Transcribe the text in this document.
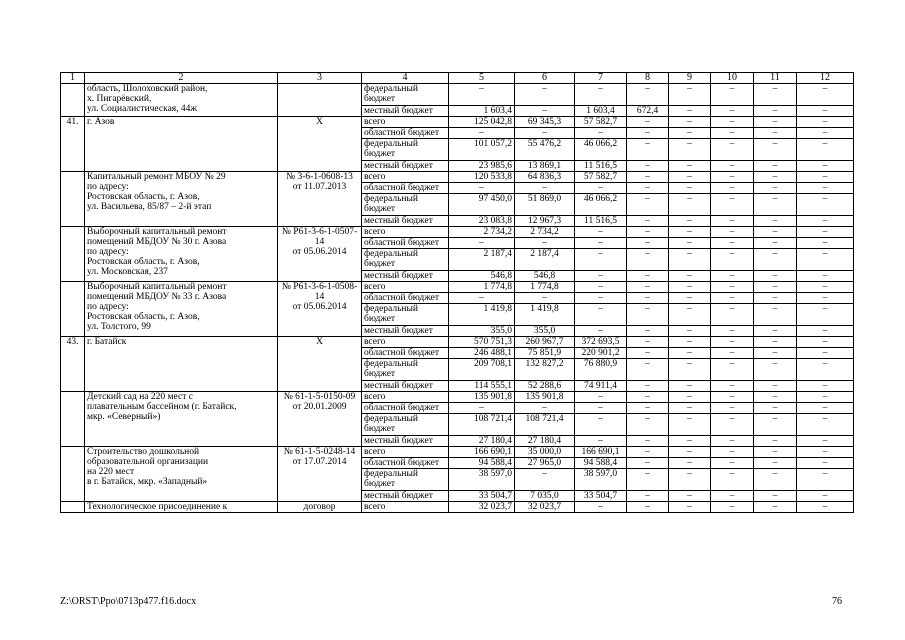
1	2	3	4	5	6	7	8	9	10	11	12
	область, Шолоховский район,
х. Пигарёвский,
ул. Социалистическая, 44ж		федеральный бюджет	–	–	–	–	–	–	–	–
			местный бюджет	1 603,4	–	1 603,4	672,4	–	–	–	–
41.	г. Азов	Х	всего	125 042,8	69 345,3	57 582,7	–	–	–	–	–
			областной бюджет	–	–	–	–	–	–	–	–
			федеральный бюджет	101 057,2	55 476,2	46 066,2	–	–	–	–	–
			местный бюджет	23 985,6	13 869,1	11 516,5	–	–	–	–	–
	Капитальный ремонт МБОУ № 29
по адресу:
Ростовская область, г. Азов,
ул. Васильева, 85/87 – 2-й этап	№ 3-6-1-0608-13
от 11.07.2013	всего	120 533,8	64 836,3	57 582,7	–	–	–	–	–
			областной бюджет	–	–	–	–	–	–	–	–
			федеральный бюджет	97 450,0	51 869,0	46 066,2	–	–	–	–	–
			местный бюджет	23 083,8	12 967,3	11 516,5	–	–	–	–	–
	Выборочный капитальный ремонт
помещений МБДОУ № 30 г. Азова
по адресу:
Ростовская область, г. Азов,
ул. Московская, 237	№ Р61-3-6-1-0507-
14
от 05.06.2014	всего	2 734,2	2 734,2	–	–	–	–	–	–
			областной бюджет	–	–	–	–	–	–	–	–
			федеральный бюджет	2 187,4	2 187,4	–	–	–	–	–	–
			местный бюджет	546,8	546,8	–	–	–	–	–	–
	Выборочный капитальный ремонт
помещений МБДОУ № 33 г. Азова
по адресу:
Ростовская область, г. Азов,
ул. Толстого, 99	№ Р61-3-6-1-0508-
14
от 05.06.2014	всего	1 774,8	1 774,8	–	–	–	–	–	–
			областной бюджет	–	–	–	–	–	–	–	–
			федеральный бюджет	1 419,8	1 419,8	–	–	–	–	–	–
			местный бюджет	355,0	355,0	–	–	–	–	–	–
43.	г. Батайск	Х	всего	570 751,3	260 967,7	372 693,5	–	–	–	–	–
			областной бюджет	246 488,1	75 851,9	220 901,2	–	–	–	–	–
			федеральный бюджет	209 708,1	132 827,2	76 880,9	–	–	–	–	–
			местный бюджет	114 555,1	52 288,6	74 911,4	–	–	–	–	–
	Детский сад на 220 мест с
плавательным бассейном (г. Батайск,
мкр. «Северный»)	№ 61-1-5-0150-09
от 20.01.2009	всего	135 901,8	135 901,8	–	–	–	–	–	–
			областной бюджет	–	–	–	–	–	–	–	–
			федеральный бюджет	108 721,4	108 721,4	–	–	–	–	–	–
			местный бюджет	27 180,4	27 180,4	–	–	–	–	–	–
	Строительство дошкольной
образовательной организации
на 220 мест
в г. Батайск, мкр. «Западный»	№ 61-1-5-0248-14
от 17.07.2014	всего	166 690,1	35 000,0	166 690,1	–	–	–	–	–
			областной бюджет	94 588,4	27 965,0	94 588,4	–	–	–	–	–
			федеральный бюджет	38 597,0	–	38 597,0	–	–	–	–	–
			местный бюджет	33 504,7	7 035,0	33 504,7	–	–	–	–	–
	Технологическое присоединение к	договор	всего	32 023,7	32 023,7	–	–	–	–	–	–
Z:\ORST\Ppo\0713p477.f16.docx	76
